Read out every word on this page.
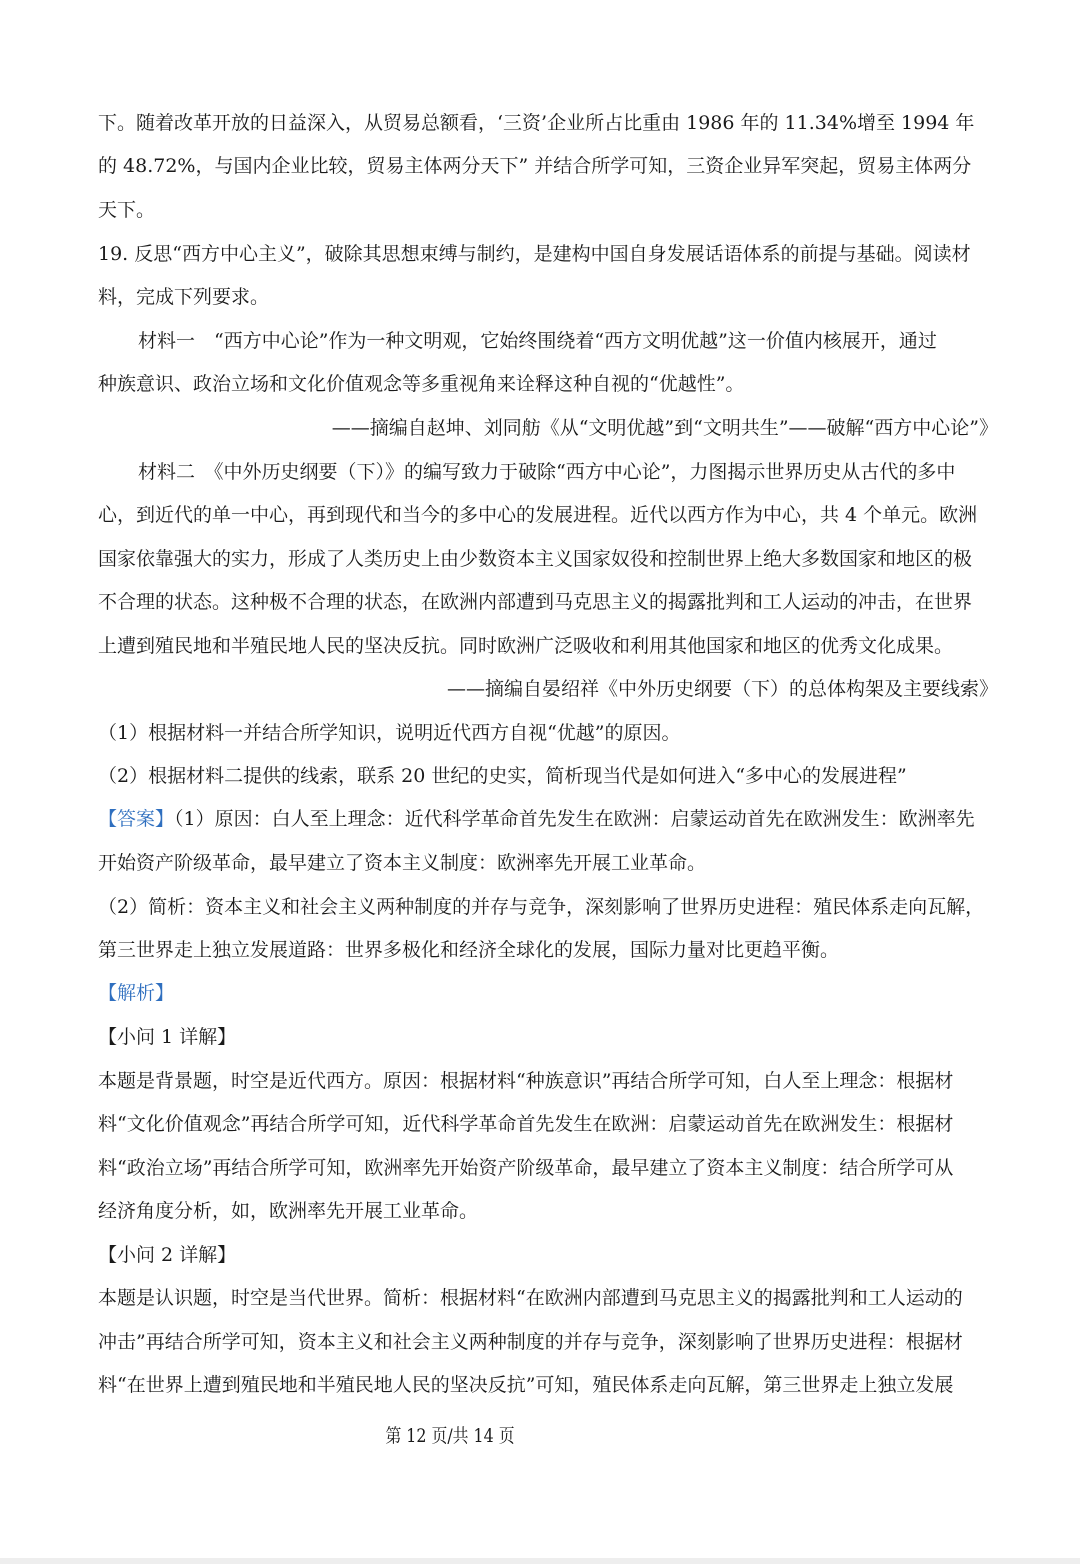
下。随着改革开放的日益深入，从贸易总额看，‘三资’企业所占比重由 1986 年的 11.34%增至 1994 年
的 48.72%，与国内企业比较，贸易主体两分天下” 并结合所学可知，三资企业异军突起，贸易主体两分
天下。
19. 反思“西方中心主义”，破除其思想束缚与制约，是建构中国自身发展话语体系的前提与基础。阅读材
料，完成下列要求。
材料一　“西方中心论”作为一种文明观，它始终围绕着“西方文明优越”这一价值内核展开，通过
种族意识、政治立场和文化价值观念等多重视角来诠释这种自视的“优越性”。
——摘编自赵坤、刘同舫《从“文明优越”到“文明共生”——破解“西方中心论”》
材料二　《中外历史纲要（下）》的编写致力于破除“西方中心论”，力图揭示世界历史从古代的多中
心，到近代的单一中心，再到现代和当今的多中心的发展进程。近代以西方作为中心，共 4 个单元。欧洲
国家依靠强大的实力，形成了人类历史上由少数资本主义国家奴役和控制世界上绝大多数国家和地区的极
不合理的状态。这种极不合理的状态，在欧洲内部遭到马克思主义的揭露批判和工人运动的冲击，在世界
上遭到殖民地和半殖民地人民的坚决反抗。同时欧洲广泛吸收和利用其他国家和地区的优秀文化成果。
——摘编自晏绍祥《中外历史纲要（下）的总体构架及主要线索》
（1）根据材料一并结合所学知识，说明近代西方自视“优越”的原因。
（2）根据材料二提供的线索，联系 20 世纪的史实，简析现当代是如何进入“多中心的发展进程”
【答案】（1）原因：白人至上理念：近代科学革命首先发生在欧洲：启蒙运动首先在欧洲发生：欧洲率先
开始资产阶级革命，最早建立了资本主义制度：欧洲率先开展工业革命。
（2）简析：资本主义和社会主义两种制度的并存与竞争，深刻影响了世界历史进程：殖民体系走向瓦解，
第三世界走上独立发展道路：世界多极化和经济全球化的发展，国际力量对比更趋平衡。
【解析】
【小问 1 详解】
本题是背景题，时空是近代西方。原因：根据材料“种族意识”再结合所学可知，白人至上理念：根据材
料“文化价值观念”再结合所学可知，近代科学革命首先发生在欧洲：启蒙运动首先在欧洲发生：根据材
料“政治立场”再结合所学可知，欧洲率先开始资产阶级革命，最早建立了资本主义制度：结合所学可从
经济角度分析，如，欧洲率先开展工业革命。
【小问 2 详解】
本题是认识题，时空是当代世界。简析：根据材料“在欧洲内部遭到马克思主义的揭露批判和工人运动的
冲击”再结合所学可知，资本主义和社会主义两种制度的并存与竞争，深刻影响了世界历史进程：根据材
料“在世界上遭到殖民地和半殖民地人民的坚决反抗”可知，殖民体系走向瓦解，第三世界走上独立发展
第 12 页/共 14 页
